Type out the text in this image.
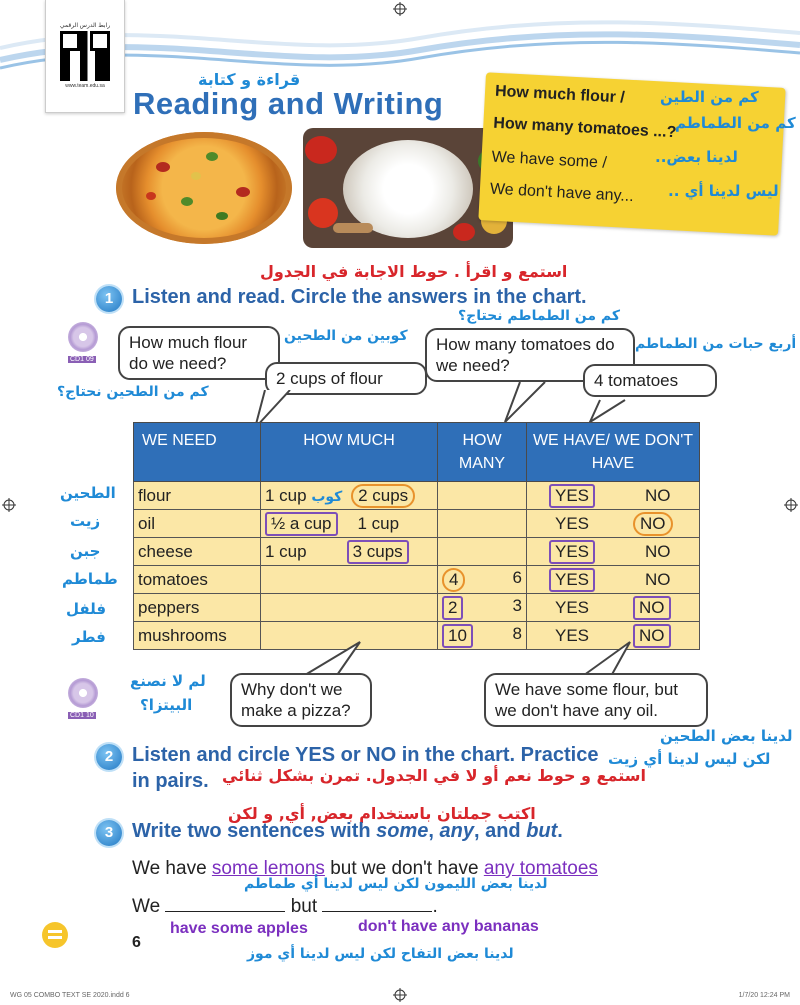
رابط الدرس الرقمي
www.team.edu.sa	قراءة و كتابة
Reading and Writing	How much flour /
How many tomatoes ...?
We have some /
We don't have any...
كم من الطين
كم من الطماطم
لدينا بعض..
ليس لدينا أي ..
استمع و اقرأ . حوط الاجابة في الجدول
1 Listen and read. Circle the answers in the chart.
CD1 09
How much flour do we need?
كوبين من الطحين
كم من الطحين نحتاج؟
2 cups of flour
كم من الطماطم نحتاج؟
How many tomatoes do we need?
أربع حبات من الطماطم
4 tomatoes
WE NEED	HOW MUCH	HOW MANY	WE HAVE/ WE DON'T HAVE
flour	1 cup كوب 2 cups		YES NO
oil	½ a cup 1 cup		YES NO
cheese	1 cup 3 cups		YES NO
tomatoes		4 6	YES NO
peppers		2 3	YES NO
mushrooms		10 8	YES NO
الطحين
زيت
جبن
طماطم
فلفل
فطر
CD1 10
لم لا نصنع
البيتزا؟
Why don't we make a pizza?
We have some flour, but we don't have any oil.
لدينا بعض الطحين
لكن ليس لدينا أي زيت
2 Listen and circle YES or NO in the chart. Practice
in pairs. استمع و حوط نعم أو لا في الجدول. تمرن بشكل ثنائي
اكتب جملتان باستخدام بعض, أي, و لكن
3 Write two sentences with some, any, and but.
We have some lemons but we don't have any tomatoes
لدينا بعض الليمون لكن ليس لدينا أي طماطم
We	but	.
have some apples	don't have any bananas
لدينا بعض التفاح لكن ليس لدينا أي موز
6
WG 05 COMBO TEXT SE 2020.indd 6	1/7/20 12:24 PM
